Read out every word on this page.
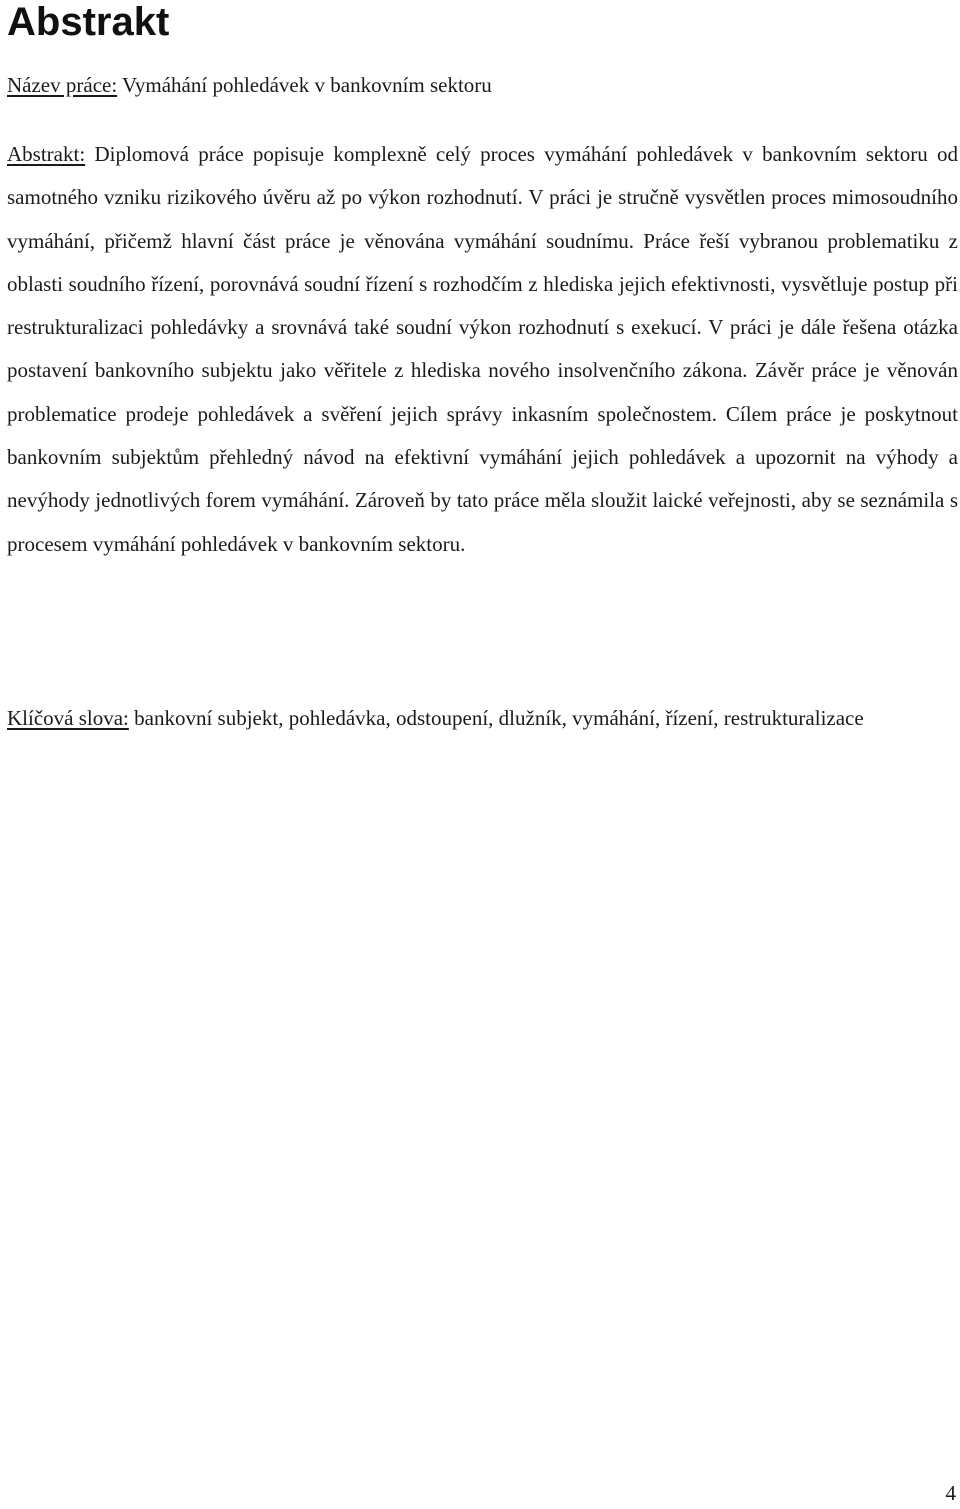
Abstrakt

Název práce: Vymáhání pohledávek v bankovním sektoru

Abstrakt: Diplomová práce popisuje komplexně celý proces vymáhání pohledávek v bankovním sektoru od samotného vzniku rizikového úvěru až po výkon rozhodnutí. V práci je stručně vysvětlen proces mimosoudního vymáhání, přičemž hlavní část práce je věnována vymáhání soudnímu. Práce řeší vybranou problematiku z oblasti soudního řízení, porovnává soudní řízení s rozhodčím z hlediska jejich efektivnosti, vysvětluje postup při restrukturalizaci pohledávky a srovnává také soudní výkon rozhodnutí s exekucí. V práci je dále řešena otázka postavení bankovního subjektu jako věřitele z hlediska nového insolvenčního zákona. Závěr práce je věnován problematice prodeje pohledávek a svěření jejich správy inkasním společnostem. Cílem práce je poskytnout bankovním subjektům přehledný návod na efektivní vymáhání jejich pohledávek a upozornit na výhody a nevýhody jednotlivých forem vymáhání. Zároveň by tato práce měla sloužit laické veřejnosti, aby se seznámila s procesem vymáhání pohledávek v bankovním sektoru.

Klíčová slova: bankovní subjekt, pohledávka, odstoupení, dlužník, vymáhání, řízení, restrukturalizace

4
